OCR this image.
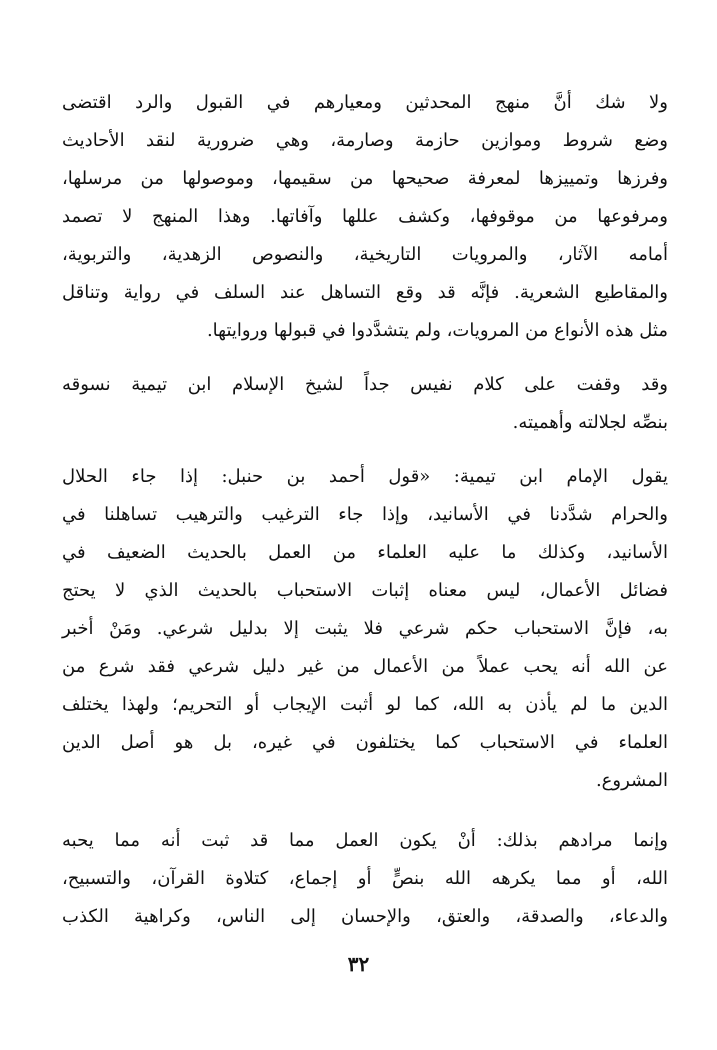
ولا شك أنَّ منهج المحدثين ومعيارهم في القبول والرد اقتضى
وضع شروط وموازين حازمة وصارمة، وهي ضرورية لنقد الأحاديث
وفرزها وتمييزها لمعرفة صحيحها من سقيمها، وموصولها من مرسلها،
ومرفوعها من موقوفها، وكشف عللها وآفاتها. وهذا المنهج لا تصمد
أمامه الآثار، والمرويات التاريخية، والنصوص الزهدية، والتربوية،
والمقاطيع الشعرية. فإنَّه قد وقع التساهل عند السلف في رواية وتناقل
مثل هذه الأنواع من المرويات، ولم يتشدَّدوا في قبولها وروايتها.
وقد وقفت على كلام نفيس جداً لشيخ الإسلام ابن تيمية نسوقه
بنصِّه لجلالته وأهميته.
يقول الإمام ابن تيمية: «قول أحمد بن حنبل: إذا جاء الحلال
والحرام شدَّدنا في الأسانيد، وإذا جاء الترغيب والترهيب تساهلنا في
الأسانيد، وكذلك ما عليه العلماء من العمل بالحديث الضعيف في
فضائل الأعمال، ليس معناه إثبات الاستحباب بالحديث الذي لا يحتج
به، فإنَّ الاستحباب حكم شرعي فلا يثبت إلا بدليل شرعي. ومَنْ أخبر
عن الله أنه يحب عملاً من الأعمال من غير دليل شرعي فقد شرع من
الدين ما لم يأذن به الله، كما لو أثبت الإيجاب أو التحريم؛ ولهذا يختلف
العلماء في الاستحباب كما يختلفون في غيره، بل هو أصل الدين
المشروع.
وإنما مرادهم بذلك: أنْ يكون العمل مما قد ثبت أنه مما يحبه
الله، أو مما يكرهه الله بنصٍّ أو إجماع، كتلاوة القرآن، والتسبيح،
والدعاء، والصدقة، والعتق، والإحسان إلى الناس، وكراهية الكذب
٣٢
